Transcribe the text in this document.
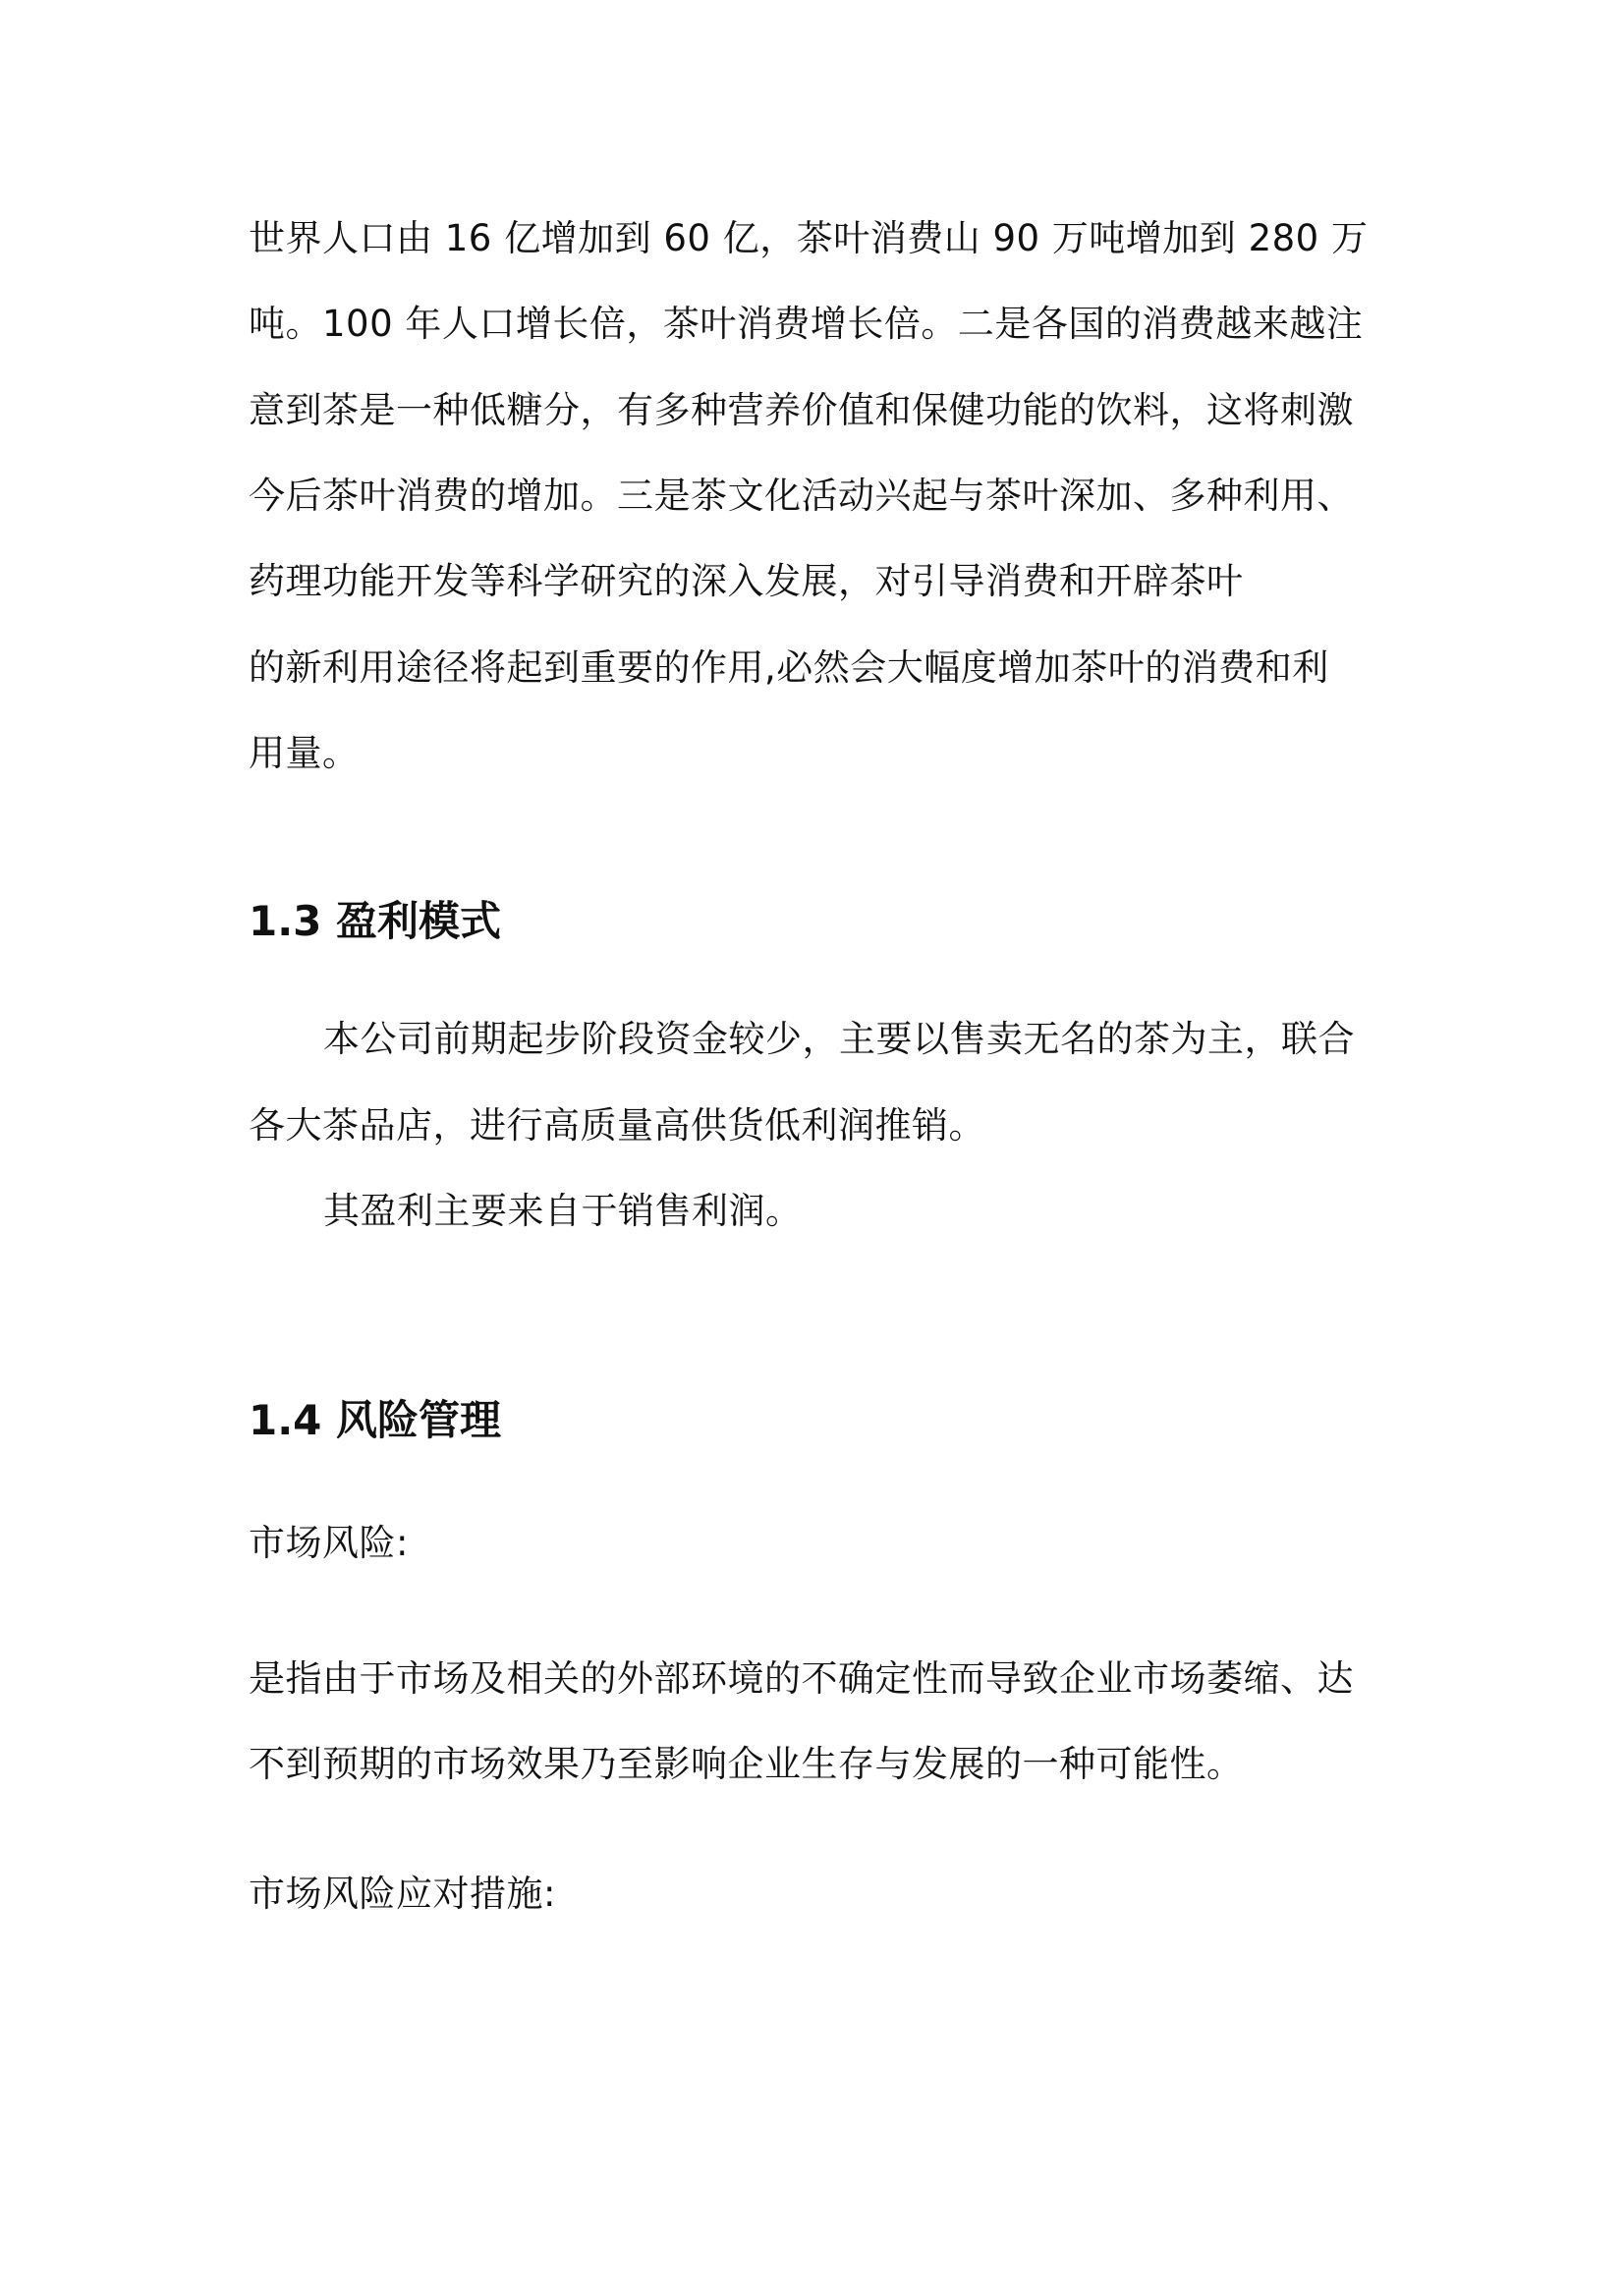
世界人口由 16 亿增加到 60 亿，茶叶消费山 90 万吨增加到 280 万
吨。100 年人口增长倍，茶叶消费增长倍。二是各国的消费越来越注
意到茶是一种低糖分，有多种营养价值和保健功能的饮料，这将刺激
今后茶叶消费的增加。三是茶文化活动兴起与茶叶深加、多种利用、
药理功能开发等科学研究的深入发展，对引导消费和开辟茶叶
的新利用途径将起到重要的作用,必然会大幅度增加茶叶的消费和利
用量。
1.3 盈利模式
本公司前期起步阶段资金较少，主要以售卖无名的茶为主，联合
各大茶品店，进行高质量高供货低利润推销。
其盈利主要来自于销售利润。
1.4 风险管理
市场风险:
是指由于市场及相关的外部环境的不确定性而导致企业市场萎缩、达
不到预期的市场效果乃至影响企业生存与发展的一种可能性。
市场风险应对措施:
